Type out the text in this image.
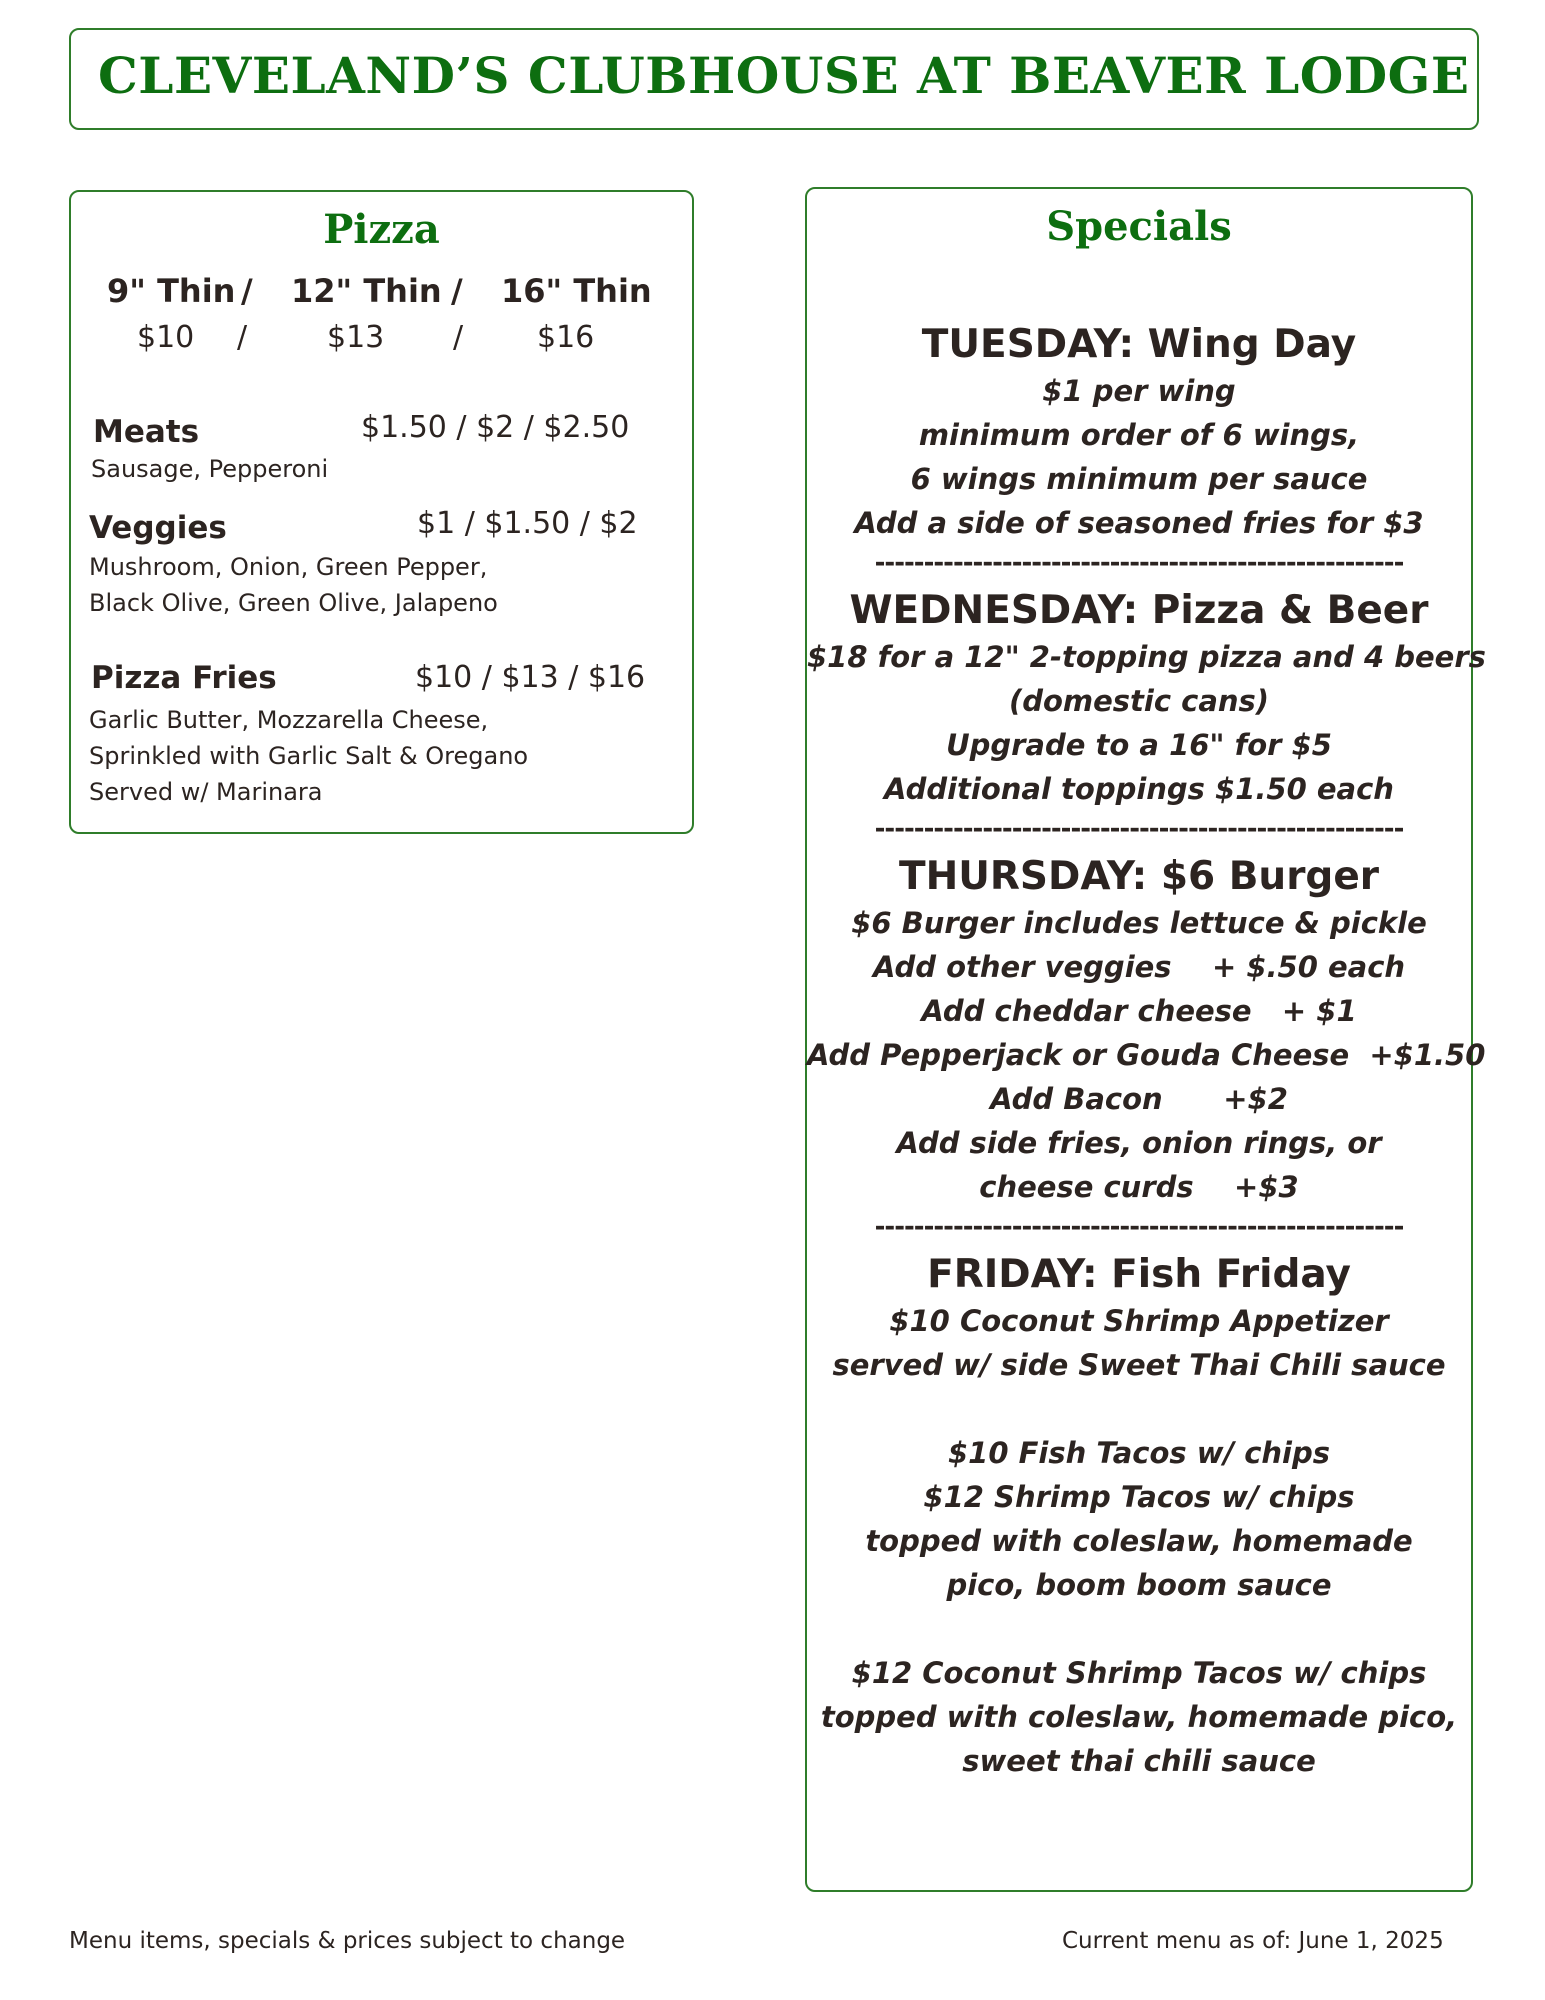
CLEVELAND’S CLUBHOUSE AT BEAVER LODGE
Pizza
9" Thin / 12" Thin / 16" Thin
$10 /	$13 / $16
Meats	$1.50 / $2 / $2.50
Sausage, Pepperoni
Veggies	$1 / $1.50 / $2
Mushroom, Onion, Green Pepper,
Black Olive, Green Olive, Jalapeno
Pizza Fries	$10 / $13 / $16
Garlic Butter, Mozzarella Cheese,
Sprinkled with Garlic Salt & Oregano
Served w/ Marinara
Specials
TUESDAY: Wing Day
$1 per wing
minimum order of 6 wings,
6 wings minimum per sauce
Add a side of seasoned fries for $3
------------------------------------------------------
WEDNESDAY: Pizza & Beer
$18 for a 12" 2-topping pizza and 4 beers
(domestic cans)
Upgrade to a 16" for $5
Additional toppings $1.50 each
------------------------------------------------------
THURSDAY: $6 Burger
$6 Burger includes lettuce & pickle
Add other veggies    + $.50 each
Add cheddar cheese   + $1
Add Pepperjack or Gouda Cheese  +$1.50
Add Bacon      +$2
Add side fries, onion rings, or
cheese curds    +$3
------------------------------------------------------
FRIDAY: Fish Friday
$10 Coconut Shrimp Appetizer
served w/ side Sweet Thai Chili sauce
$10 Fish Tacos w/ chips
$12 Shrimp Tacos w/ chips
topped with coleslaw, homemade
pico, boom boom sauce
$12 Coconut Shrimp Tacos w/ chips
topped with coleslaw, homemade pico,
sweet thai chili sauce
Menu items, specials & prices subject to change	Current menu as of: June 1, 2025
